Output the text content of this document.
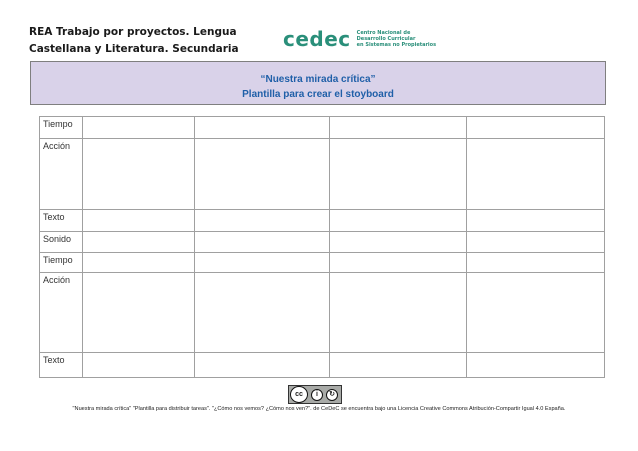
REA Trabajo por proyectos. Lengua
Castellana y Literatura. Secundaria	cedec Centro Nacional de
Desarrollo Curricular
en Sistemas no Propietarios
“Nuestra mirada crítica”
Plantilla para crear el stoyboard
Tiempo					
Acción					
Texto					
Sonido					
Tiempo					
Acción					
Texto					
cc	i	↻
"Nuestra mirada crítica" "Plantilla para distribuir tareas". "¿Cómo nos vemos? ¿Cómo nos ven?". de CeDeC se encuentra bajo una Licencia Creative Commons Atribución-Compartir Igual 4.0 España.
